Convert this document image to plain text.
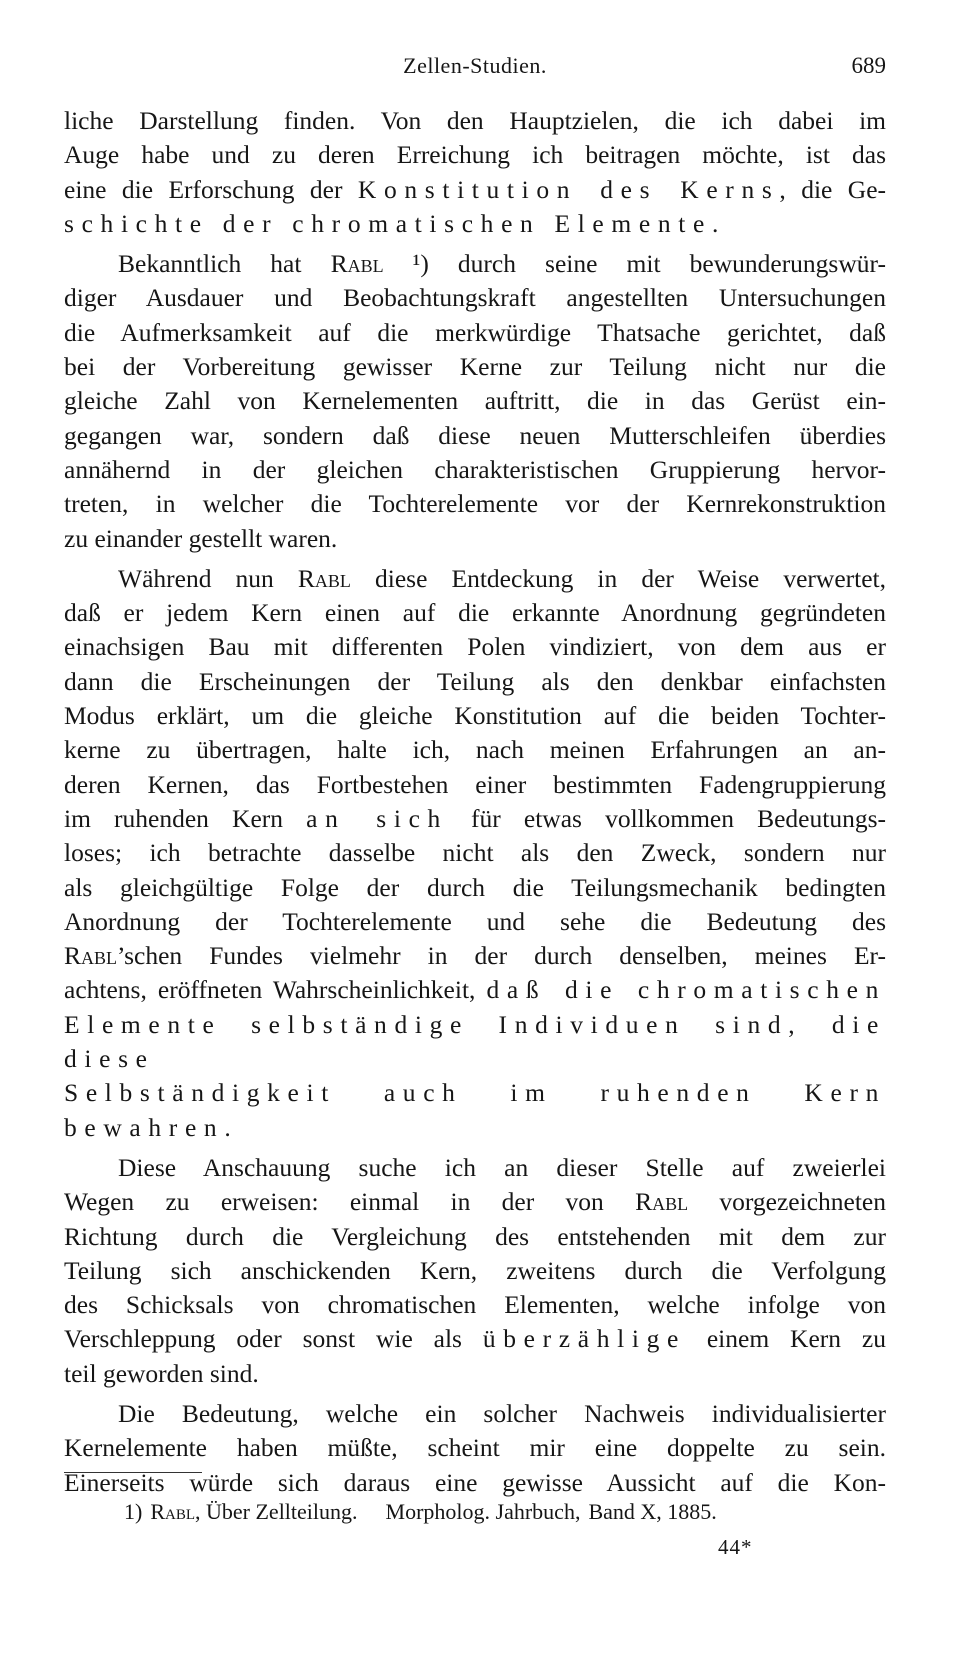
Zellen-Studien.	689

liche Darstellung finden. Von den Hauptzielen, die ich dabei im

Auge habe und zu deren Erreichung ich beitragen möchte, ist das

eine die Erforschung der Konstitution des Kerns, die Ge-

schichte der chromatischen Elemente.

Bekanntlich hat Rabl ¹) durch seine mit bewunderungswür-

diger Ausdauer und Beobachtungskraft angestellten Untersuchungen

die Aufmerksamkeit auf die merkwürdige Thatsache gerichtet, daß

bei der Vorbereitung gewisser Kerne zur Teilung nicht nur die

gleiche Zahl von Kernelementen auftritt, die in das Gerüst ein-

gegangen war, sondern daß diese neuen Mutterschleifen überdies

annähernd in der gleichen charakteristischen Gruppierung hervor-

treten, in welcher die Tochterelemente vor der Kernrekonstruktion

zu einander gestellt waren.

Während nun Rabl diese Entdeckung in der Weise verwertet,

daß er jedem Kern einen auf die erkannte Anordnung gegründeten

einachsigen Bau mit differenten Polen vindiziert, von dem aus er

dann die Erscheinungen der Teilung als den denkbar einfachsten

Modus erklärt, um die gleiche Konstitution auf die beiden Tochter-

kerne zu übertragen, halte ich, nach meinen Erfahrungen an an-

deren Kernen, das Fortbestehen einer bestimmten Fadengruppierung

im ruhenden Kern an sich für etwas vollkommen Bedeutungs-

loses; ich betrachte dasselbe nicht als den Zweck, sondern nur

als gleichgültige Folge der durch die Teilungsmechanik bedingten

Anordnung der Tochterelemente und sehe die Bedeutung des

Rabl’schen Fundes vielmehr in der durch denselben, meines Er-

achtens, eröffneten Wahrscheinlichkeit, daß die chromatischen

Elemente selbständige Individuen sind, die diese

Selbständigkeit auch im ruhenden Kern bewahren.

Diese Anschauung suche ich an dieser Stelle auf zweierlei

Wegen zu erweisen: einmal in der von Rabl vorgezeichneten

Richtung durch die Vergleichung des entstehenden mit dem zur

Teilung sich anschickenden Kern, zweitens durch die Verfolgung

des Schicksals von chromatischen Elementen, welche infolge von

Verschleppung oder sonst wie als überzählige einem Kern zu

teil geworden sind.

Die Bedeutung, welche ein solcher Nachweis individualisierter

Kernelemente haben müßte, scheint mir eine doppelte zu sein.

Einerseits würde sich daraus eine gewisse Aussicht auf die Kon-

1) Rabl, Über Zellteilung. Morpholog. Jahrbuch, Band X, 1885.
44*
